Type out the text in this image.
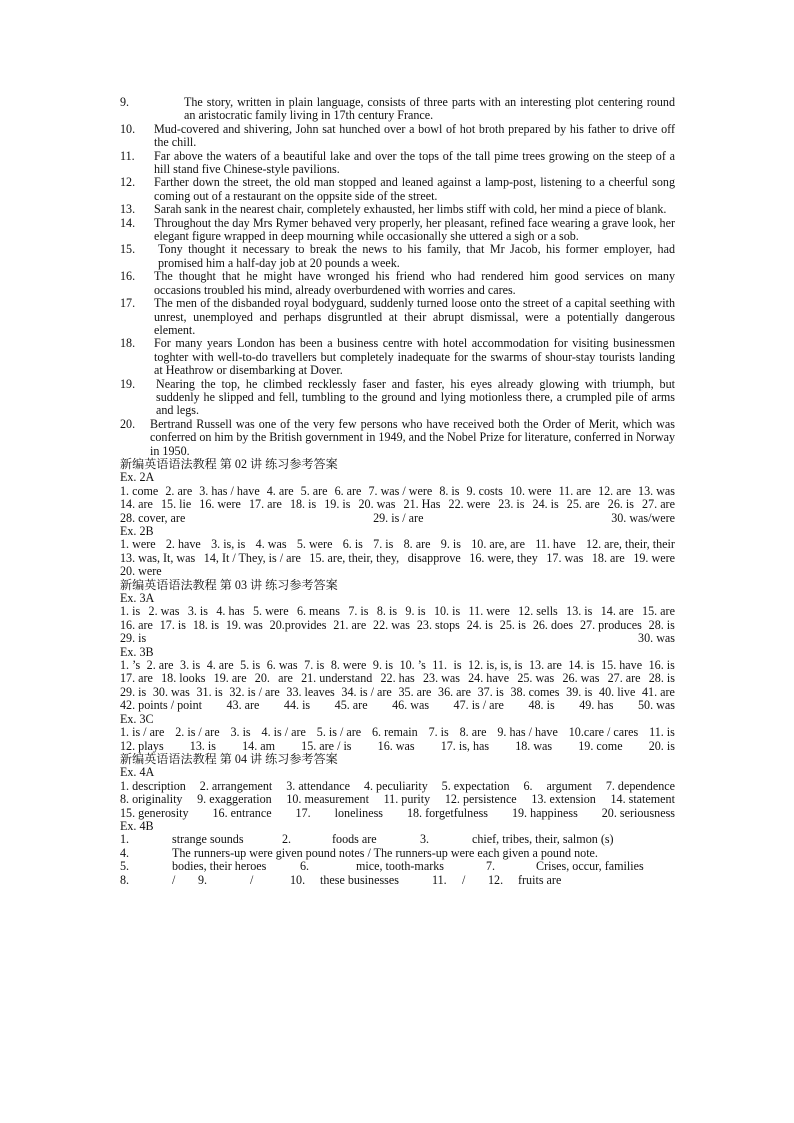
9.	The story, written in plain language, consists of three parts with an interesting plot centering round an aristocratic family living in 17th century France.
10.	Mud-covered and shivering, John sat hunched over a bowl of hot broth prepared by his father to drive off the chill.
11.	Far above the waters of a beautiful lake and over the tops of the tall pime trees growing on the steep of a hill stand five Chinese-style pavilions.
12.	Farther down the street, the old man stopped and leaned against a lamp-post, listening to a cheerful song coming out of a restaurant on the oppsite side of the street.
13.	Sarah sank in the nearest chair, completely exhausted, her limbs stiff with cold, her mind a piece of blank.
14.	Throughout the day Mrs Rymer behaved very properly, her pleasant, refined face wearing a grave look, her elegant figure wrapped in deep mourning while occasionally she uttered a sigh or a sob.
15.	Tony thought it necessary to break the news to his family, that Mr Jacob, his former employer, had promised him a half-day job at 20 pounds a week.
16.	The thought that he might have wronged his friend who had rendered him good services on many occasions troubled his mind, already overburdened with worries and cares.
17.	The men of the disbanded royal bodyguard, suddenly turned loose onto the street of a capital seething with unrest, unemployed and perhaps disgruntled at their abrupt dismissal, were a potentially dangerous element.
18.	For many years London has been a business centre with hotel accommodation for visiting businessmen toghter with well-to-do travellers but completely inadequate for the swarms of shour-stay tourists landing at Heathrow or disembarking at Dover.
19.	Nearing the top, he climbed recklessly faser and faster, his eyes already glowing with triumph, but suddenly he slipped and fell, tumbling to the ground and lying motionless there, a crumpled pile of arms and legs.
20.	Bertrand Russell was one of the very few persons who have received both the Order of Merit, which was conferred on him by the British government in 1949, and the Nobel Prize for literature, conferred in Norway in 1950.
新编英语语法教程 第 02 讲 练习参考答案
Ex. 2A
1. come 2. are 3. has / have 4. are 5. are 6. are 7. was / were 8. is 9. costs 10. were 11. are 12. are 13. was
14. are 15. lie 16. were 17. are 18. is 19. is 20. was 21. Has 22. were 23. is 24. is 25. are 26. is 27. are
28. cover, are	29. is / are	30. was/were
Ex. 2B
1. were 2. have 3. is, is 4. was 5. were 6. is 7. is 8. are 9. is 10. are, are 11. have 12. are, their, their
13. was, It, was 14, It / They, is / are 15. are, their, they, disapprove 16. were, they 17. was 18. are 19. were
20. were
新编英语语法教程 第 03 讲 练习参考答案
Ex. 3A
1. is 2. was 3. is 4. has 5. were 6. means 7. is 8. is 9. is 10. is 11. were 12. sells 13. is 14. are 15. are
16. are 17. is 18. is 19. was 20.provides 21. are 22. was 23. stops 24. is 25. is 26. does 27. produces 28. is
29. is	30. was
Ex. 3B
1. ’s 2. are 3. is 4. are 5. is 6. was 7. is 8. were 9. is 10. ’s 11. is 12. is, is, is 13. are 14. is 15. have 16. is
17. are 18. looks 19. are 20. are 21. understand 22. has 23. was 24. have 25. was 26. was 27. are 28. is
29. is 30. was 31. is 32. is / are 33. leaves 34. is / are 35. are 36. are 37. is 38. comes 39. is 40. live 41. are
42. points / point 43. are 44. is 45. are 46. was 47. is / are 48. is 49. has 50. was
Ex. 3C
1. is / are 2. is / are 3. is 4. is / are 5. is / are 6. remain 7. is 8. are 9. has / have 10.care / cares 11. is
12. plays 13. is 14. am 15. are / is 16. was 17. is, has 18. was 19. come 20. is
新编英语语法教程 第 04 讲 练习参考答案
Ex. 4A
1. description 2. arrangement 3. attendance 4. peculiarity 5. expectation 6. argument 7. dependence
8. originality 9. exaggeration 10. measurement 11. purity 12. persistence 13. extension 14. statement
15. generosity 16. entrance 17. loneliness 18. forgetfulness 19. happiness 20. seriousness
Ex. 4B
1.	strange sounds	2.	foods are	3.	chief, tribes, their, salmon (s)
4.	The runners-up were given pound notes / The runners-up were each given a pound note.
5.	bodies, their heroes	6.	mice, tooth-marks	7.	Crises, occur, families
8.	/	9.	/	10.	these businesses	11.	/	12.	fruits are
